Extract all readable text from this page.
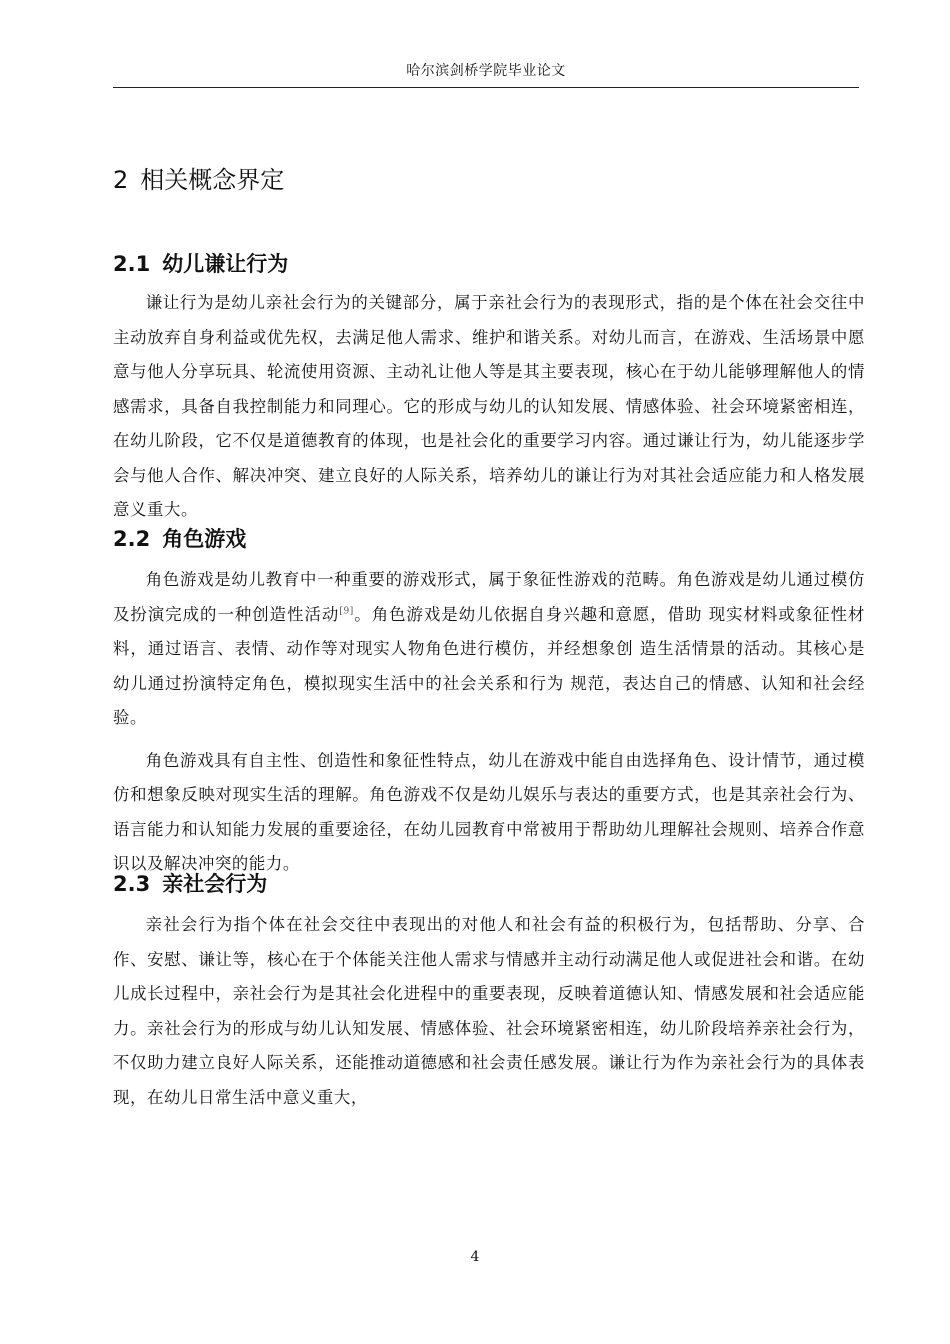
哈尔滨剑桥学院毕业论文
2 相关概念界定
2.1 幼儿谦让行为

谦让行为是幼儿亲社会行为的关键部分，属于亲社会行为的表现形式，指的是个体在社会交往中主动放弃自身利益或优先权，去满足他人需求、维护和谐关系。对幼儿而言，在游戏、生活场景中愿意与他人分享玩具、轮流使用资源、主动礼让他人等是其主要表现，核心在于幼儿能够理解他人的情感需求，具备自我控制能力和同理心。它的形成与幼儿的认知发展、情感体验、社会环境紧密相连，在幼儿阶段，它不仅是道德教育的体现，也是社会化的重要学习内容。通过谦让行为，幼儿能逐步学会与他人合作、解决冲突、建立良好的人际关系，培养幼儿的谦让行为对其社会适应能力和人格发展意义重大。

2.2 角色游戏

角色游戏是幼儿教育中一种重要的游戏形式，属于象征性游戏的范畴。角色游戏是幼儿通过模仿及扮演完成的一种创造性活动[9]。角色游戏是幼儿依据自身兴趣和意愿，借助 现实材料或象征性材料，通过语言、表情、动作等对现实人物角色进行模仿，并经想象创 造生活情景的活动。其核心是幼儿通过扮演特定角色，模拟现实生活中的社会关系和行为 规范，表达自己的情感、认知和社会经验。

角色游戏具有自主性、创造性和象征性特点，幼儿在游戏中能自由选择角色、设计情节，通过模仿和想象反映对现实生活的理解。角色游戏不仅是幼儿娱乐与表达的重要方式，也是其亲社会行为、语言能力和认知能力发展的重要途径，在幼儿园教育中常被用于帮助幼儿理解社会规则、培养合作意识以及解决冲突的能力。

2.3 亲社会行为

亲社会行为指个体在社会交往中表现出的对他人和社会有益的积极行为，包括帮助、分享、合作、安慰、谦让等，核心在于个体能关注他人需求与情感并主动行动满足他人或促进社会和谐。在幼儿成长过程中，亲社会行为是其社会化进程中的重要表现，反映着道德认知、情感发展和社会适应能力。亲社会行为的形成与幼儿认知发展、情感体验、社会环境紧密相连，幼儿阶段培养亲社会行为，不仅助力建立良好人际关系，还能推动道德感和社会责任感发展。谦让行为作为亲社会行为的具体表现，在幼儿日常生活中意义重大，

4
